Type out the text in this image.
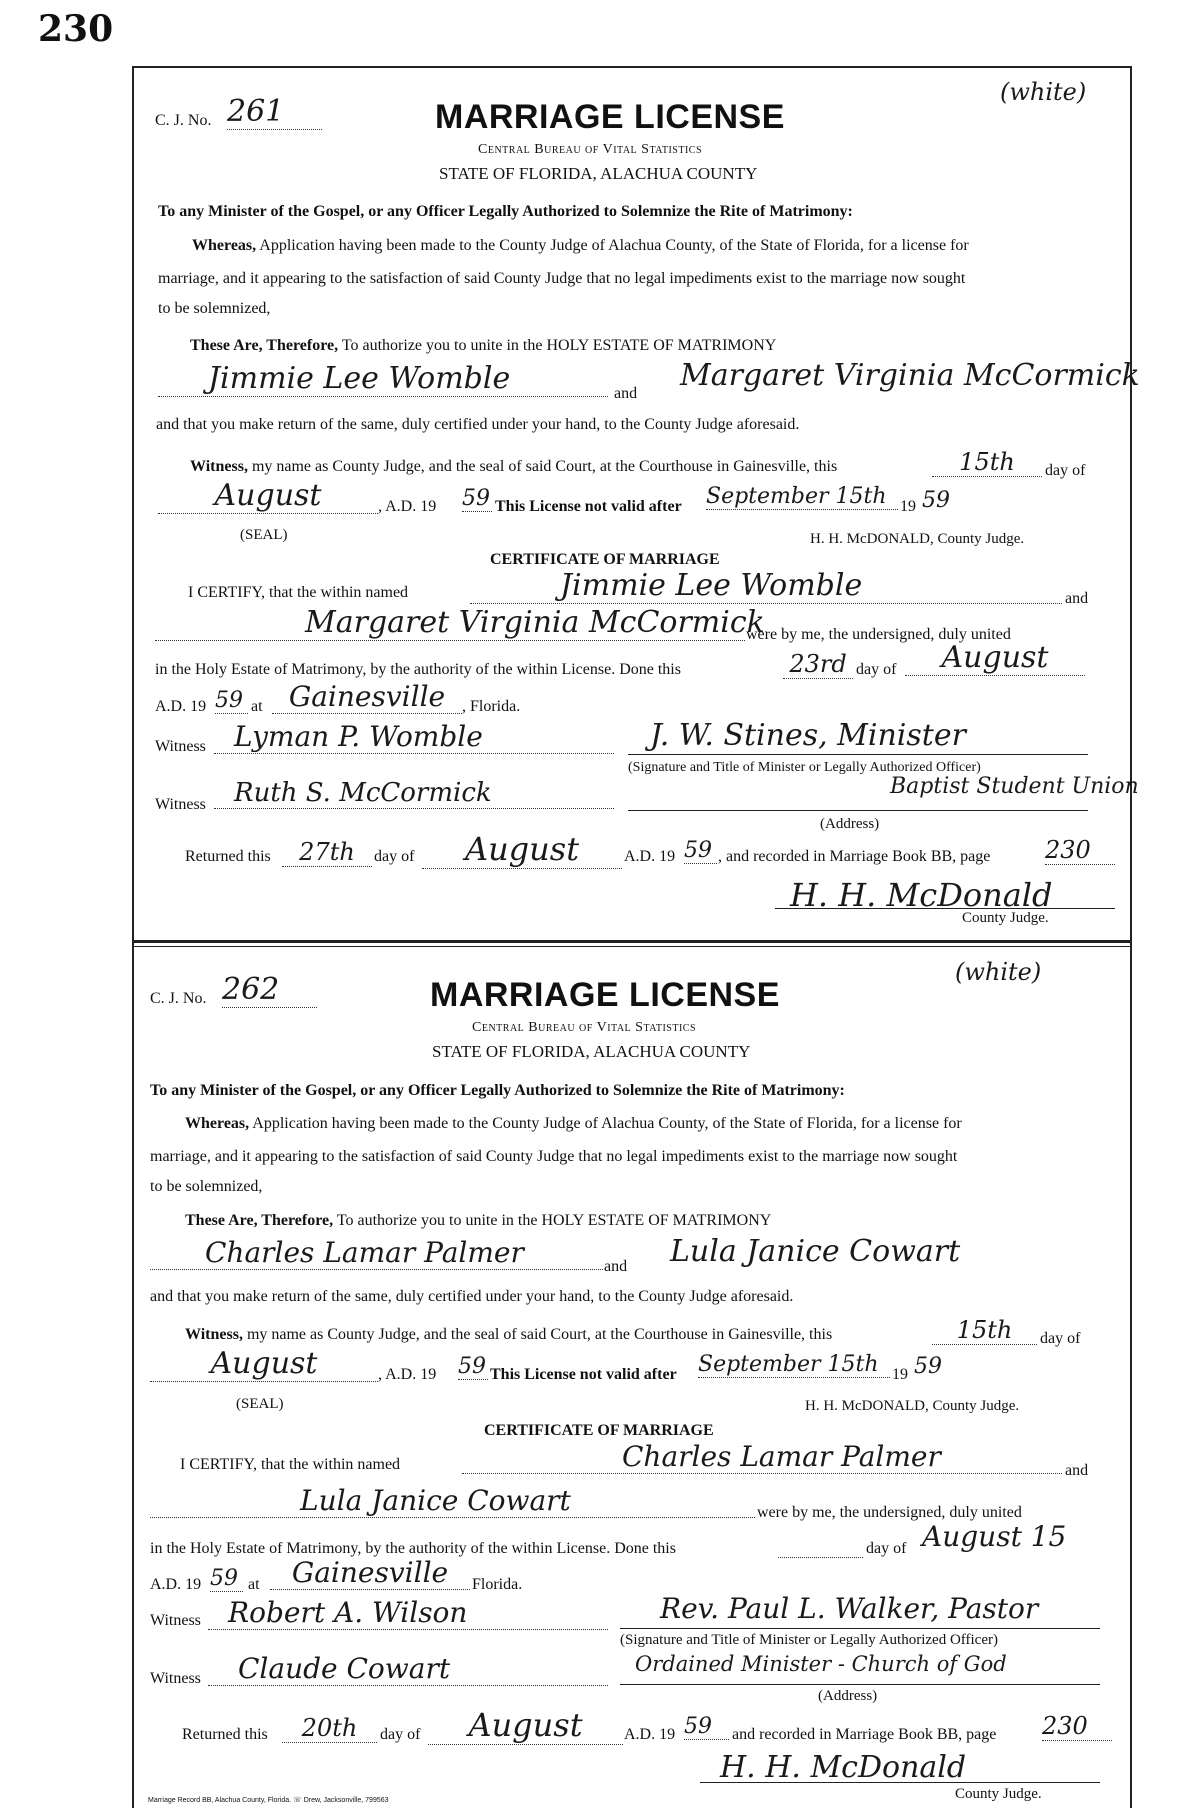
230
(white)
C. J. No. 261	MARRIAGE LICENSE
Central Bureau of Vital Statistics
STATE OF FLORIDA, ALACHUA COUNTY
To any Minister of the Gospel, or any Officer Legally Authorized to Solemnize the Rite of Matrimony:
Whereas, Application having been made to the County Judge of Alachua County, of the State of Florida, for a license for
marriage, and it appearing to the satisfaction of said County Judge that no legal impediments exist to the marriage now sought
to be solemnized,
These Are, Therefore, To authorize you to unite in the HOLY ESTATE OF MATRIMONY
Jimmie Lee Womble	and
Margaret Virginia McCormick
and that you make return of the same, duly certified under your hand, to the County Judge aforesaid.
Witness, my name as County Judge, and the seal of said Court, at the Courthouse in Gainesville, this	15th	day of
August	, A.D. 19 59 This License not valid after September 15th 19 59
(SEAL)	H. H. McDONALD, County Judge.
CERTIFICATE OF MARRIAGE
I CERTIFY, that the within named	Jimmie Lee Womble	and
Margaret Virginia McCormick
were by me, the undersigned, duly united
in the Holy Estate of Matrimony, by the authority of the within License. Done this	23rd day of	August
A.D. 19 59 at Gainesville	, Florida.
Witness	Lyman P. Womble	J. W. Stines, Minister
(Signature and Title of Minister or Legally Authorized Officer)
Witness	Ruth S. McCormick	Baptist Student Union
(Address)
Returned this	27th	day of	August	A.D. 19 59 , and recorded in Marriage Book BB, page 230
H. H. McDonald
County Judge.
(white)
C. J. No. 262	MARRIAGE LICENSE
Central Bureau of Vital Statistics
STATE OF FLORIDA, ALACHUA COUNTY
To any Minister of the Gospel, or any Officer Legally Authorized to Solemnize the Rite of Matrimony:
Whereas, Application having been made to the County Judge of Alachua County, of the State of Florida, for a license for
marriage, and it appearing to the satisfaction of said County Judge that no legal impediments exist to the marriage now sought
to be solemnized,
These Are, Therefore, To authorize you to unite in the HOLY ESTATE OF MATRIMONY
Charles Lamar Palmer	and Lula Janice Cowart
and that you make return of the same, duly certified under your hand, to the County Judge aforesaid.
Witness, my name as County Judge, and the seal of said Court, at the Courthouse in Gainesville, this	15th	day of
August	, A.D. 19 59 This License not valid after September 15th 19 59
(SEAL)	H. H. McDONALD, County Judge.
CERTIFICATE OF MARRIAGE
I CERTIFY, that the within named	Charles Lamar Palmer	and
Lula Janice Cowart	were by me, the undersigned, duly united
in the Holy Estate of Matrimony, by the authority of the within License. Done this	day of August 15
A.D. 19 59 at	Gainesville	Florida.
Witness Robert A. Wilson	Rev. Paul L. Walker, Pastor
(Signature and Title of Minister or Legally Authorized Officer)
Witness	Claude Cowart	Ordained Minister - Church of God
(Address)
Returned this	20th	day of	August	A.D. 19 59	and recorded in Marriage Book BB, page 230
H. H. McDonald
County Judge.
Marriage Record BB, Alachua County, Florida. ☏ Drew, Jacksonville, 799563
